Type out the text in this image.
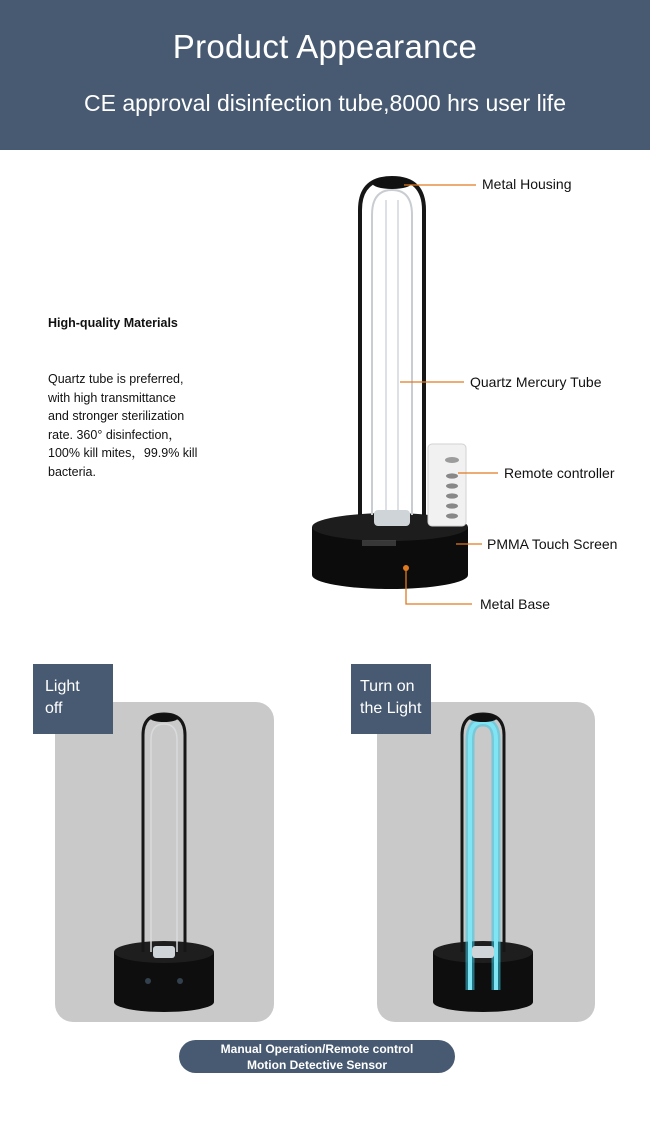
Product Appearance
CE approval disinfection tube,8000 hrs user life
High-quality Materials
Quartz tube is preferred,
with high transmittance
and stronger sterilization
rate. 360° disinfection，
100% kill mites，99.9% kill
bacteria.
Metal Housing
Quartz Mercury Tube
Remote controller
PMMA Touch Screen
Metal Base
Light
off
Turn on
the Light
Manual Operation/Remote control
Motion Detective Sensor
